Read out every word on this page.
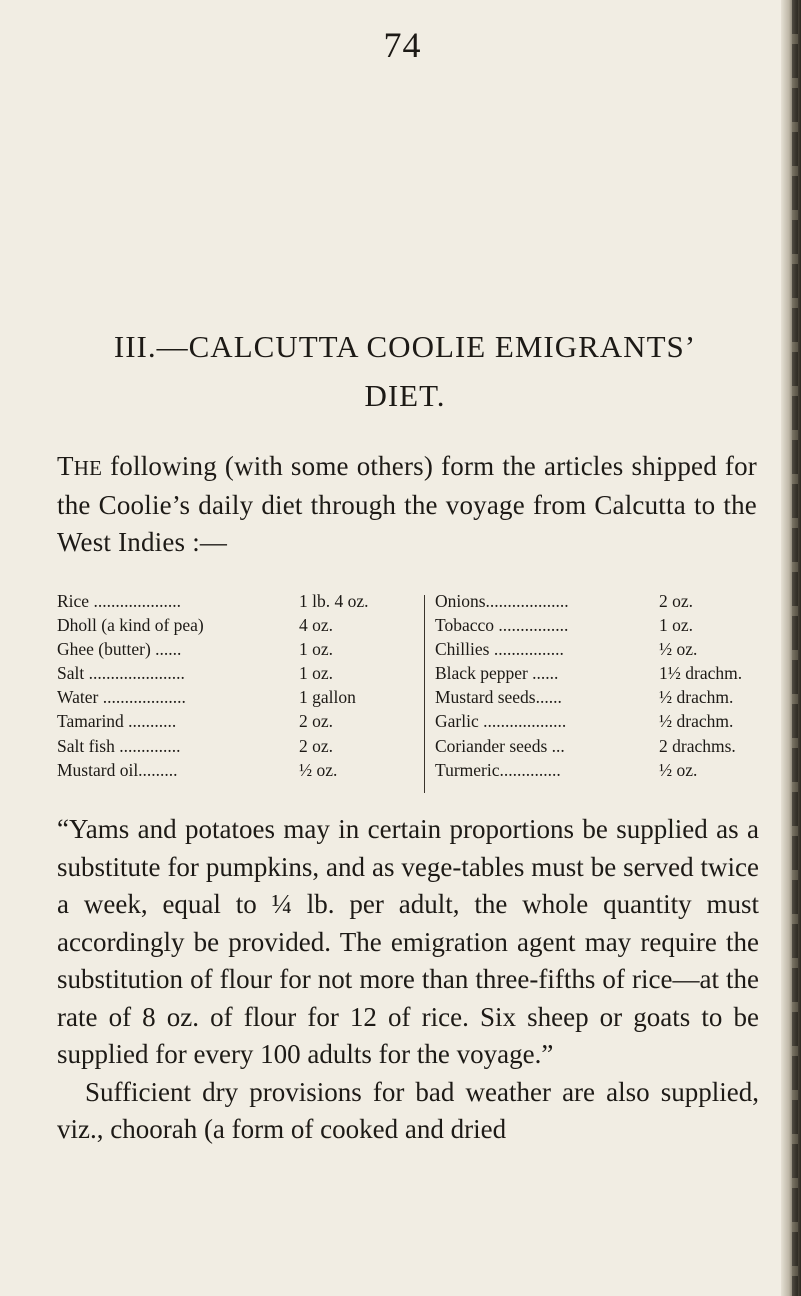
74
III.—CALCUTTA COOLIE EMIGRANTS’
DIET.
THE following (with some others) form the articles shipped for the Coolie’s daily diet through the voyage from Calcutta to the West Indies :—
Rice ....................	1 lb. 4 oz.
Dholl (a kind of pea)	4 oz.
Ghee (butter) ......	1 oz.
Salt ......................	1 oz.
Water ...................	1 gallon
Tamarind ...........	2 oz.
Salt fish ..............	2 oz.
Mustard oil.........	½ oz.
Onions...................	2 oz.
Tobacco ................	1 oz.
Chillies ................	½ oz.
Black pepper ......	1½ drachm.
Mustard seeds......	½ drachm.
Garlic ...................	½ drachm.
Coriander seeds ...	2 drachms.
Turmeric..............	½ oz.

“Yams and potatoes may in certain proportions be supplied as a substitute for pumpkins, and as vege-tables must be served twice a week, equal to ¼ lb. per adult, the whole quantity must accordingly be provided. The emigration agent may require the substitution of flour for not more than three-fifths of rice—at the rate of 8 oz. of flour for 12 of rice. Six sheep or goats to be supplied for every 100 adults for the voyage.”

Sufficient dry provisions for bad weather are also supplied, viz., choorah (a form of cooked and dried
